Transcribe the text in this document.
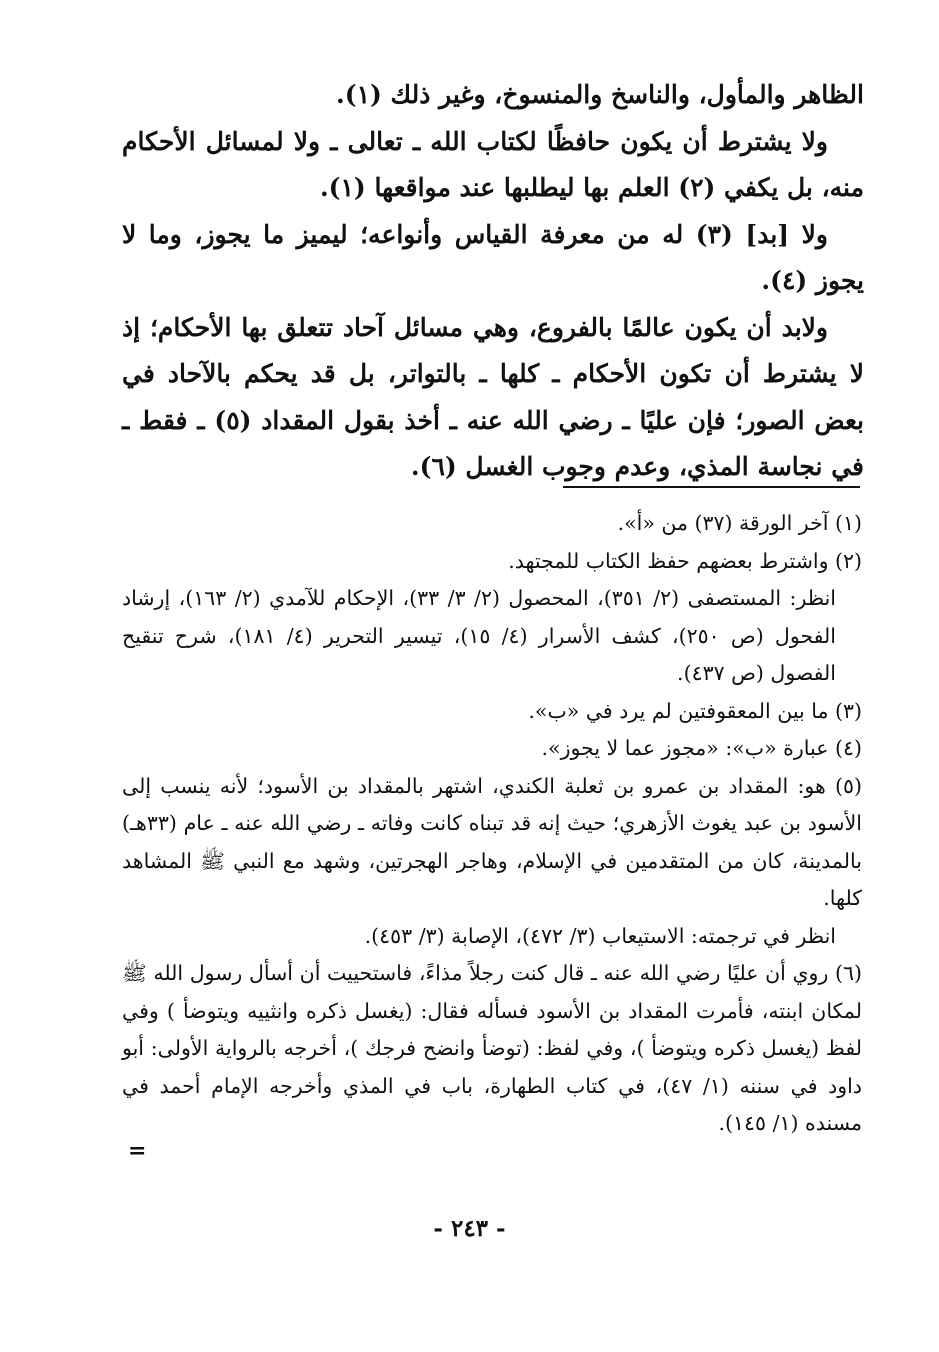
الظاهر والمأول، والناسخ والمنسوخ، وغير ذلك (١).

ولا يشترط أن يكون حافظًا لكتاب الله ـ تعالى ـ ولا لمسائل الأحكام منه، بل يكفي (٢) العلم بها ليطلبها عند مواقعها (١).

ولا [بد] (٣) له من معرفة القياس وأنواعه؛ ليميز ما يجوز، وما لا يجوز (٤).

ولابد أن يكون عالمًا بالفروع، وهي مسائل آحاد تتعلق بها الأحكام؛ إذ لا يشترط أن تكون الأحكام ـ كلها ـ بالتواتر، بل قد يحكم بالآحاد في بعض الصور؛ فإن عليًا ـ رضي الله عنه ـ أخذ بقول المقداد (٥) ـ فقط ـ في نجاسة المذي، وعدم وجوب الغسل (٦).

(١) آخر الورقة (٣٧) من «أ».

(٢) واشترط بعضهم حفظ الكتاب للمجتهد.

انظر: المستصفى (٢/ ٣٥١)، المحصول (٢/ ٣/ ٣٣)، الإحكام للآمدي (٢/ ١٦٣)، إرشاد الفحول (ص ٢٥٠)، كشف الأسرار (٤/ ١٥)، تيسير التحرير (٤/ ١٨١)، شرح تنقيح الفصول (ص ٤٣٧).

(٣) ما بين المعقوفتين لم يرد في «ب».

(٤) عبارة «ب»: «مجوز عما لا يجوز».

(٥) هو: المقداد بن عمرو بن ثعلبة الكندي، اشتهر بالمقداد بن الأسود؛ لأنه ينسب إلى الأسود بن عبد يغوث الأزهري؛ حيث إنه قد تبناه كانت وفاته ـ رضي الله عنه ـ عام (٣٣هـ) بالمدينة، كان من المتقدمين في الإسلام، وهاجر الهجرتين، وشهد مع النبي ﷺ المشاهد كلها.

انظر في ترجمته: الاستيعاب (٣/ ٤٧٢)، الإصابة (٣/ ٤٥٣).

(٦) روي أن عليًا رضي الله عنه ـ قال كنت رجلاً مذاءً، فاستحييت أن أسأل رسول الله ﷺ لمكان ابنته، فأمرت المقداد بن الأسود فسأله فقال: (يغسل ذكره وانثييه ويتوضأ ) وفي لفظ (يغسل ذكره ويتوضأ )، وفي لفظ: (توضأ وانضح فرجك )، أخرجه بالرواية الأولى: أبو داود في سننه (١/ ٤٧)، في كتاب الطهارة، باب في المذي وأخرجه الإمام أحمد في مسنده (١/ ١٤٥).

=
- ٢٤٣ -
